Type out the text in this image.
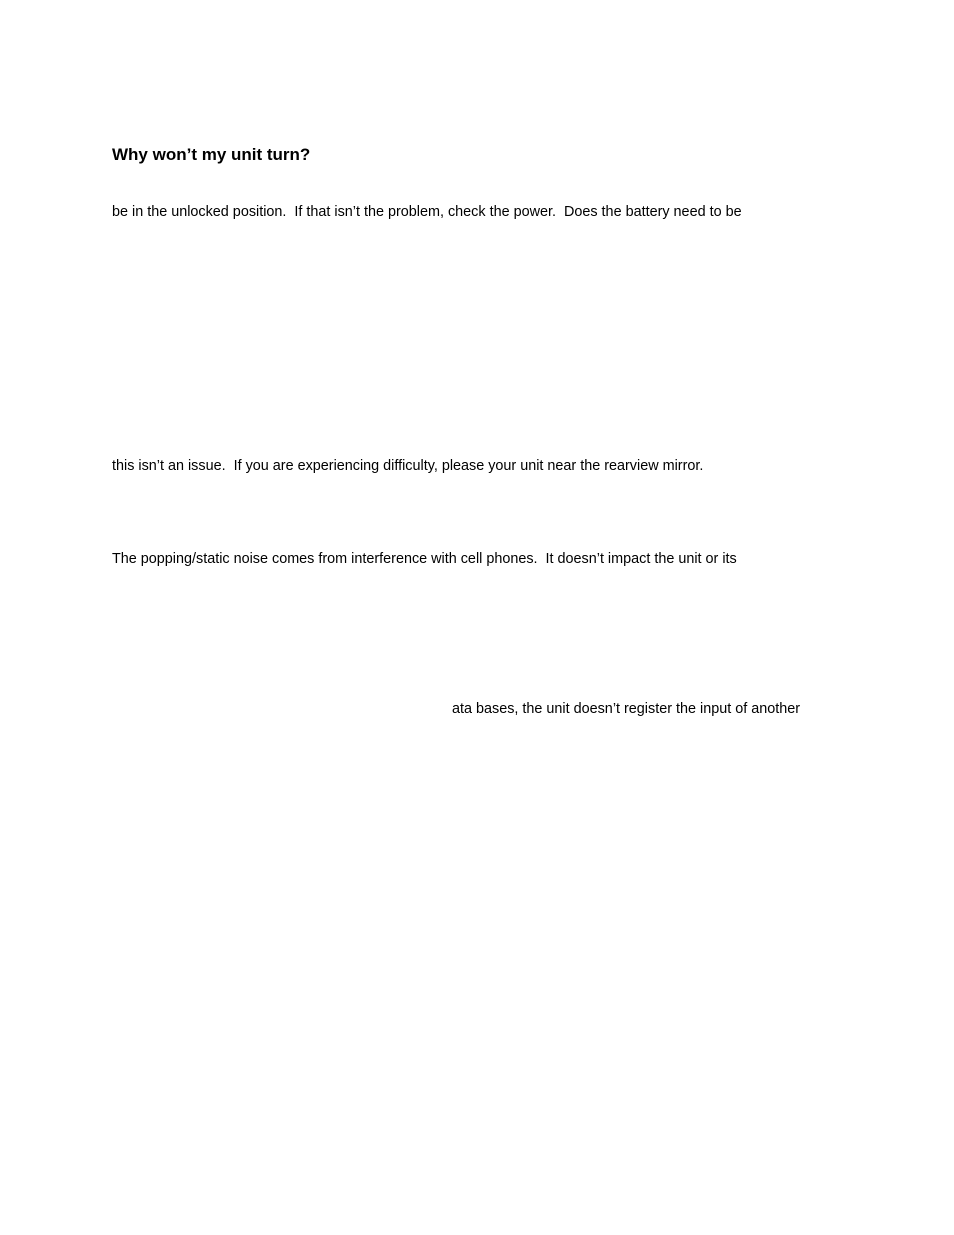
Why won’t my unit turn?

be in the unlocked position.  If that isn’t the problem, check the power.  Does the battery need to be

this isn’t an issue.  If you are experiencing difficulty, please your unit near the rearview mirror.

The popping/static noise comes from interference with cell phones.  It doesn’t impact the unit or its

ata bases, the unit doesn’t register the input of another
